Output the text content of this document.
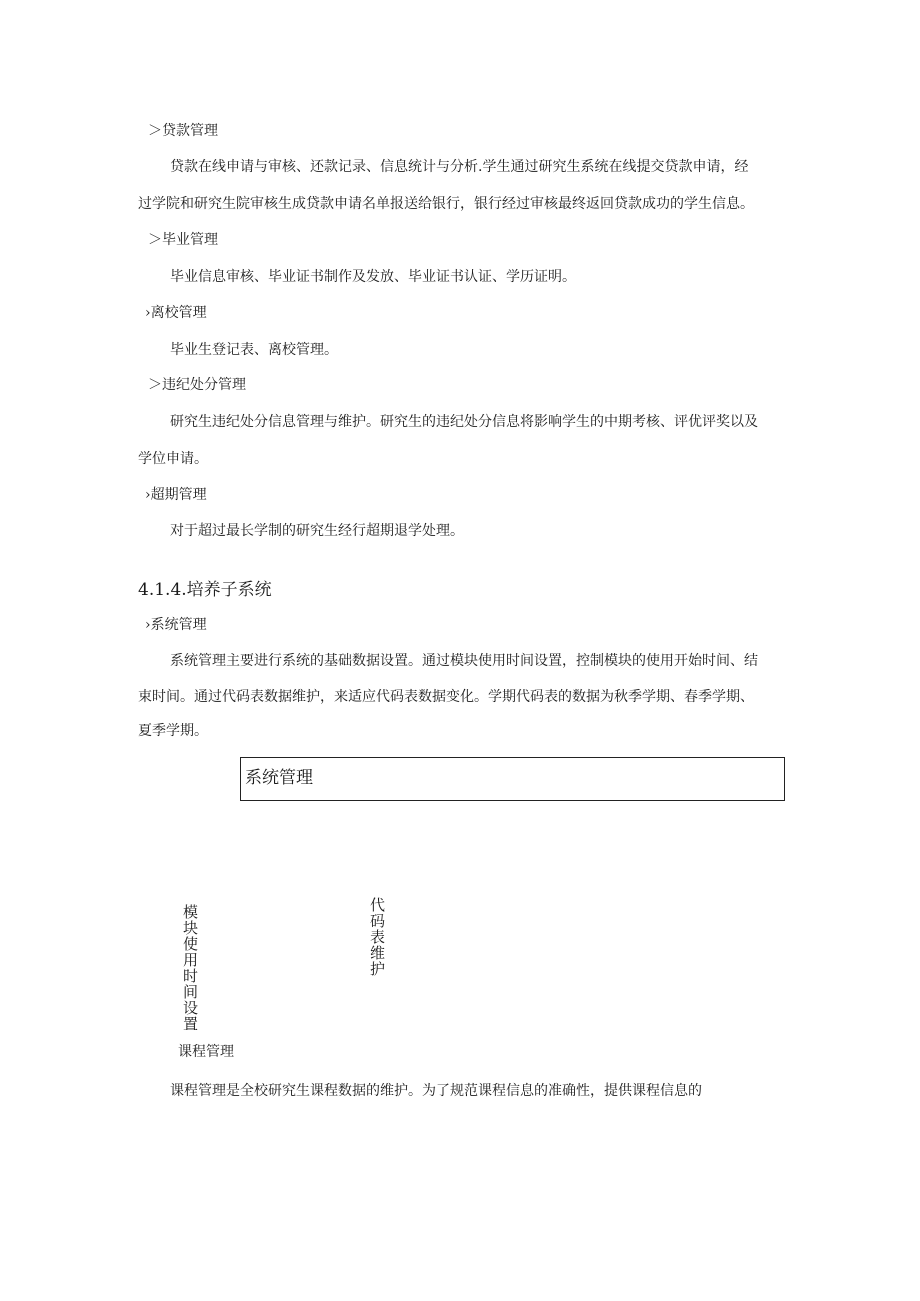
＞贷款管理
贷款在线申请与审核、还款记录、信息统计与分析.学生通过研究生系统在线提交贷款申请，经
过学院和研究生院审核生成贷款申请名单报送给银行，银行经过审核最终返回贷款成功的学生信息。
＞毕业管理
毕业信息审核、毕业证书制作及发放、毕业证书认证、学历证明。
›离校管理
毕业生登记表、离校管理。
＞违纪处分管理
研究生违纪处分信息管理与维护。研究生的违纪处分信息将影响学生的中期考核、评优评奖以及
学位申请。
›超期管理
对于超过最长学制的研究生经行超期退学处理。
4.1.4.培养子系统
›系统管理
系统管理主要进行系统的基础数据设置。通过模块使用时间设置，控制模块的使用开始时间、结
束时间。通过代码表数据维护，来适应代码表数据变化。学期代码表的数据为秋季学期、春季学期、
夏季学期。
系统管理
模块使用时间设置	代码表维护
课程管理
课程管理是全校研究生课程数据的维护。为了规范课程信息的准确性，提供课程信息的
